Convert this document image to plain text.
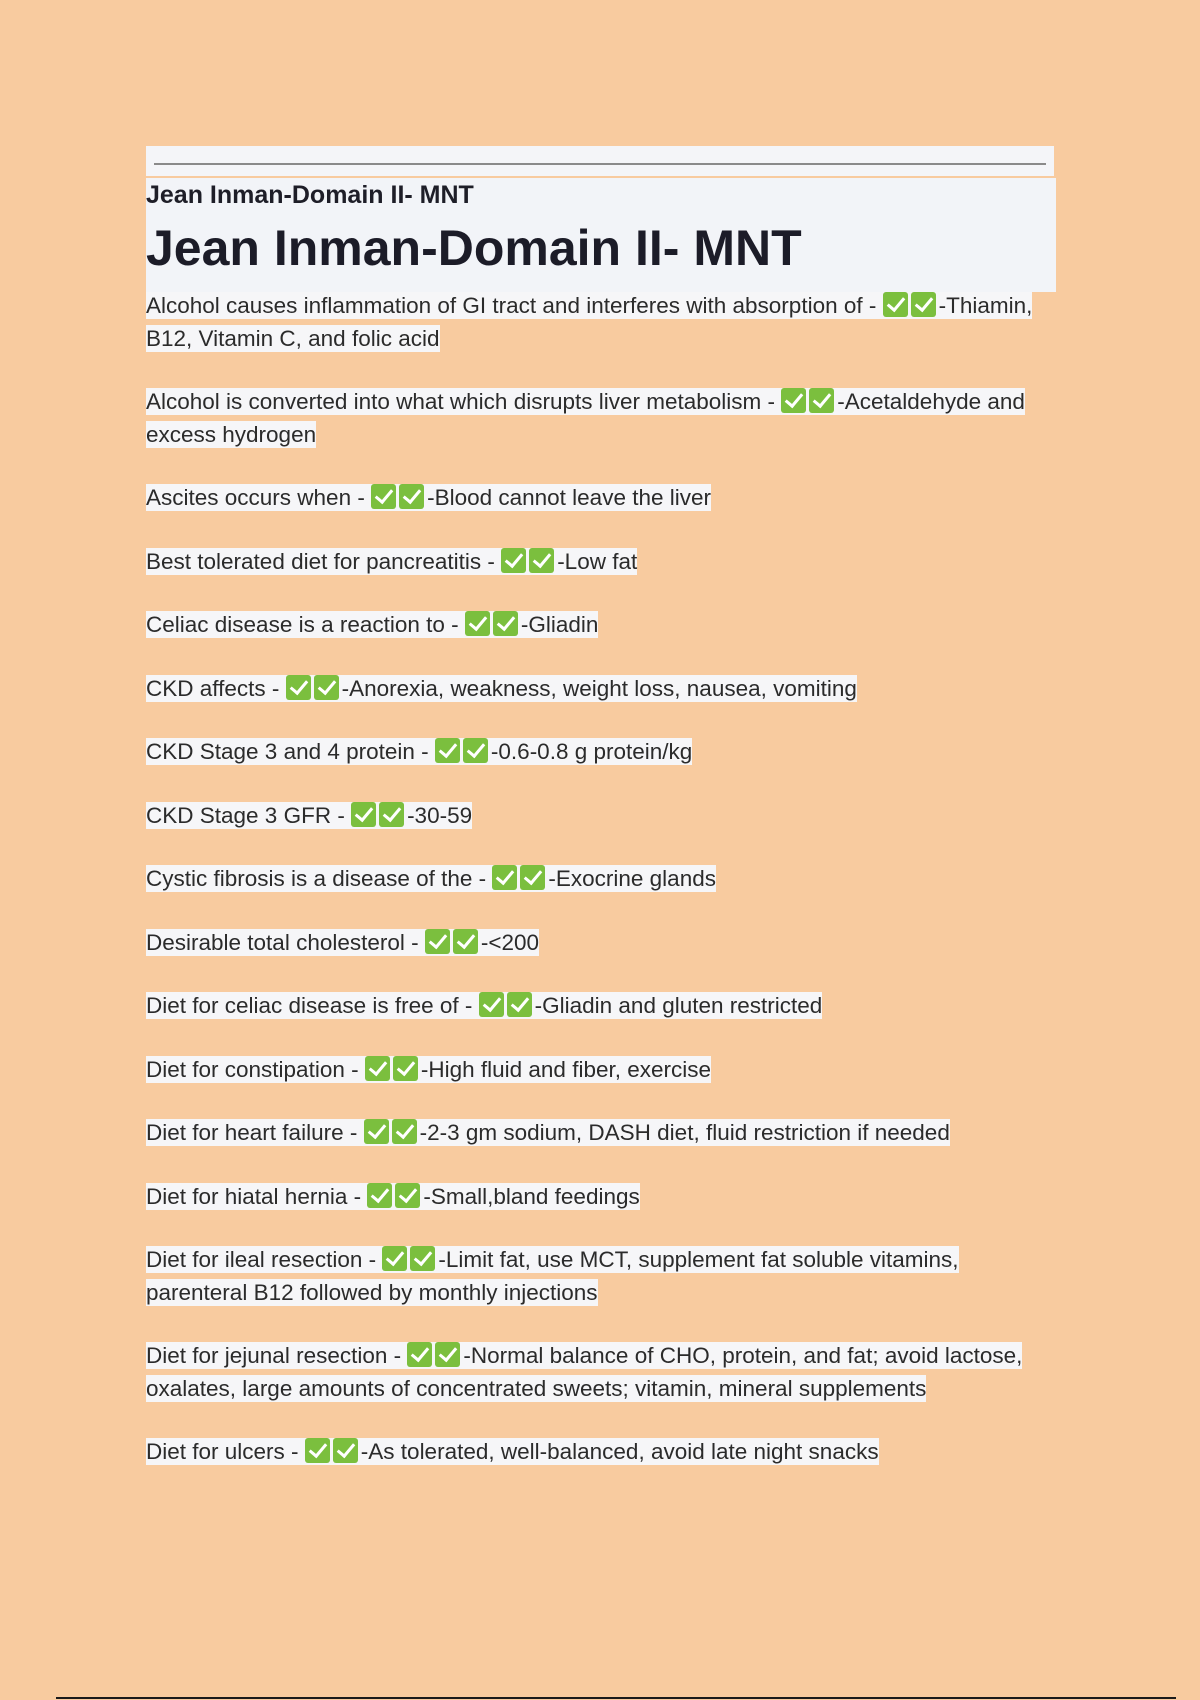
Jean Inman-Domain II- MNT
Jean Inman-Domain II- MNT
Alcohol causes inflammation of GI tract and interferes with absorption of - -Thiamin, B12, Vitamin C, and folic acid
Alcohol is converted into what which disrupts liver metabolism - -Acetaldehyde and excess hydrogen
Ascites occurs when - -Blood cannot leave the liver
Best tolerated diet for pancreatitis - -Low fat
Celiac disease is a reaction to - -Gliadin
CKD affects - -Anorexia, weakness, weight loss, nausea, vomiting
CKD Stage 3 and 4 protein - -0.6-0.8 g protein/kg
CKD Stage 3 GFR - -30-59
Cystic fibrosis is a disease of the - -Exocrine glands
Desirable total cholesterol - -<200
Diet for celiac disease is free of - -Gliadin and gluten restricted
Diet for constipation - -High fluid and fiber, exercise
Diet for heart failure - -2-3 gm sodium, DASH diet, fluid restriction if needed
Diet for hiatal hernia - -Small,bland feedings
Diet for ileal resection - -Limit fat, use MCT, supplement fat soluble vitamins, parenteral B12 followed by monthly injections
Diet for jejunal resection - -Normal balance of CHO, protein, and fat; avoid lactose, oxalates, large amounts of concentrated sweets; vitamin, mineral supplements
Diet for ulcers - -As tolerated, well-balanced, avoid late night snacks
